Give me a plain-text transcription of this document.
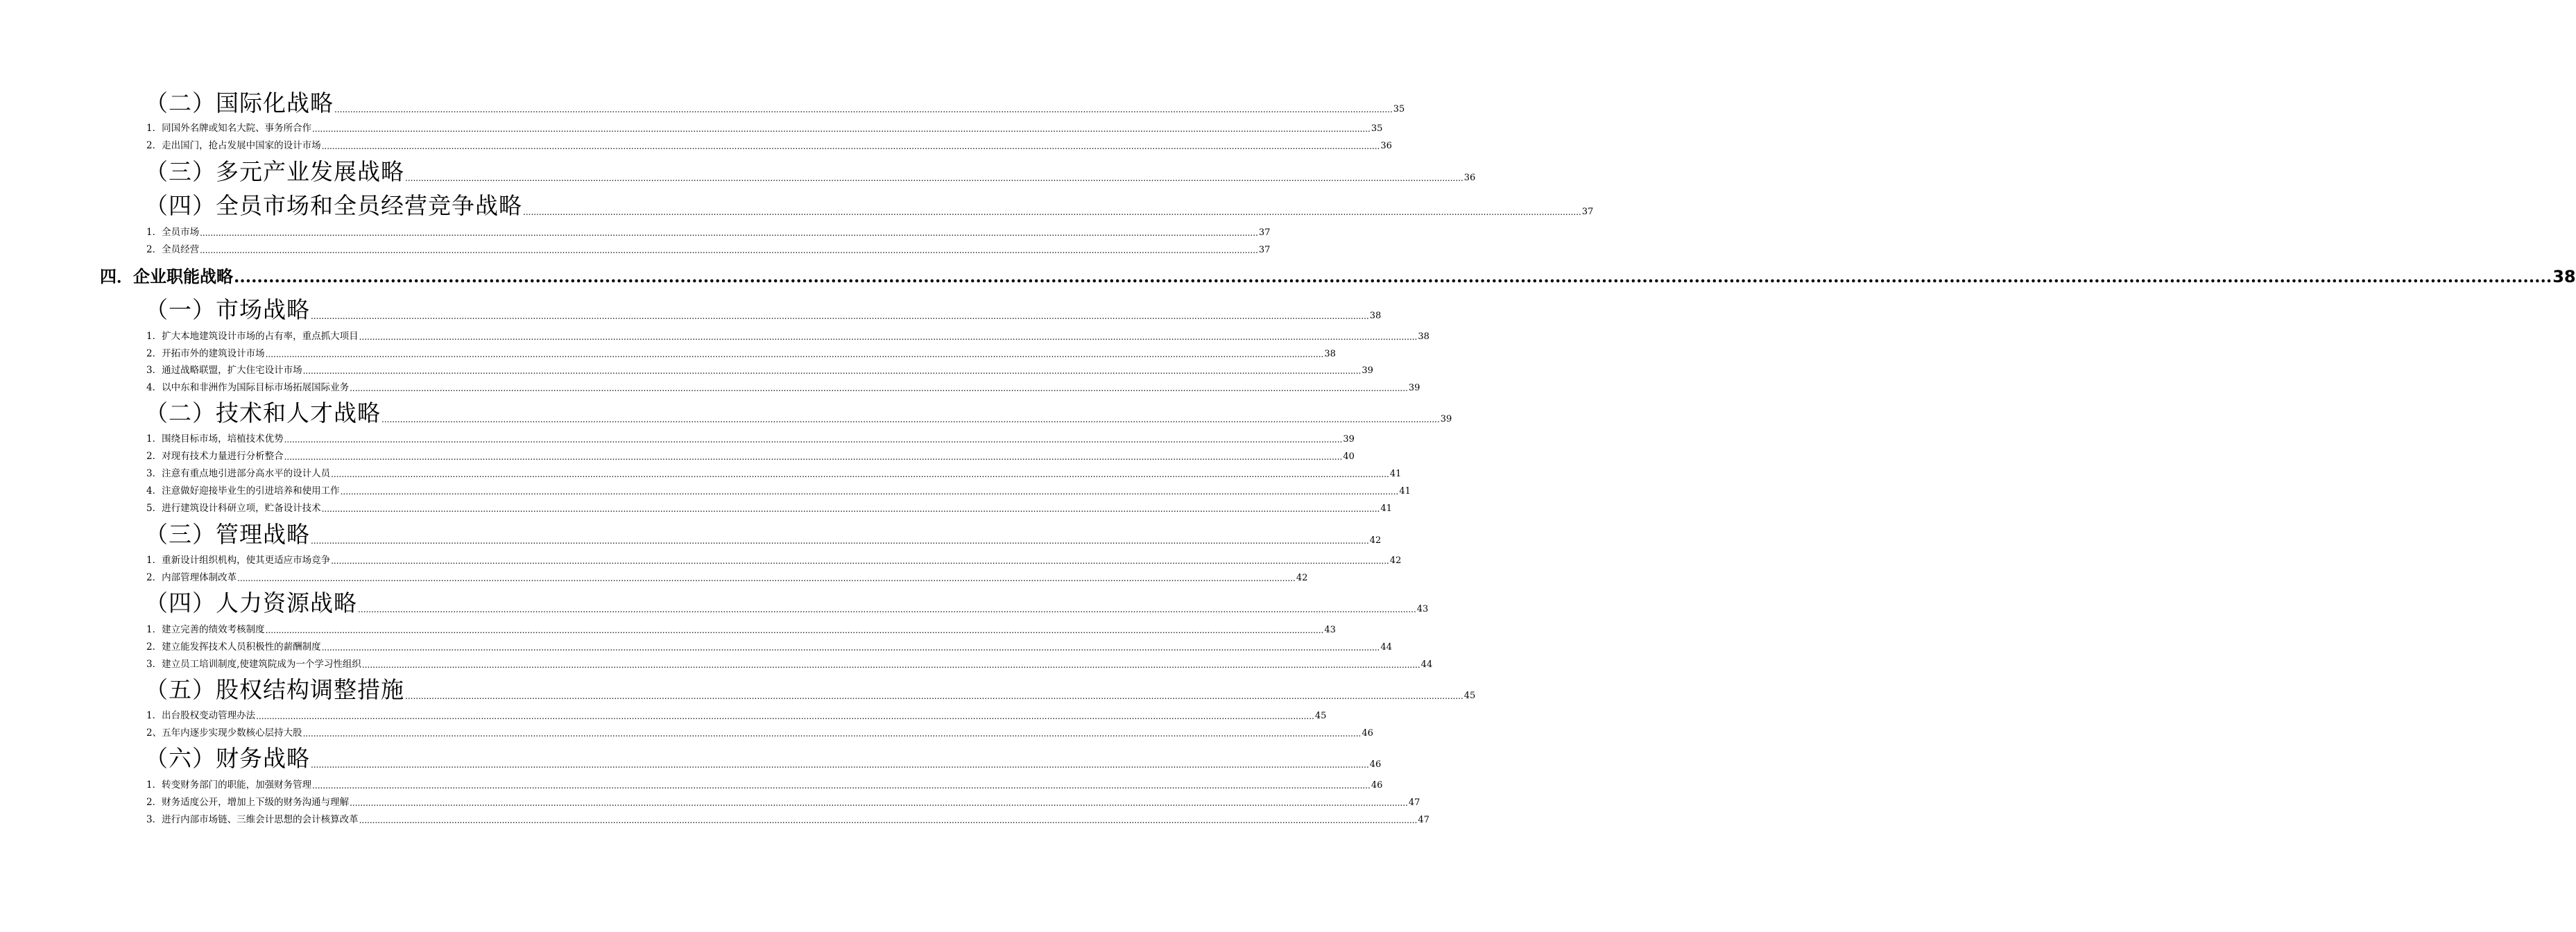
（二）国际化战略 ................................................................................................................................................................................................................................................................................................................................................................................................................ 35
1．同国外名牌或知名大院、事务所合作 ................................................................................................................................................................................................................................................................................................................................................................................................................ 35
2．走出国门，抢占发展中国家的设计市场 ................................................................................................................................................................................................................................................................................................................................................................................................................ 36
（三）多元产业发展战略 ................................................................................................................................................................................................................................................................................................................................................................................................................ 36
（四）全员市场和全员经营竞争战略 ................................................................................................................................................................................................................................................................................................................................................................................................................ 37
1．全员市场 ................................................................................................................................................................................................................................................................................................................................................................................................................ 37
2．全员经营 ................................................................................................................................................................................................................................................................................................................................................................................................................ 37
四．企业职能战略 ................................................................................................................................................................................................................................................................................................................................................................................................................ 38
（一）市场战略 ................................................................................................................................................................................................................................................................................................................................................................................................................ 38
1．扩大本地建筑设计市场的占有率，重点抓大项目 ................................................................................................................................................................................................................................................................................................................................................................................................................ 38
2．开拓市外的建筑设计市场 ................................................................................................................................................................................................................................................................................................................................................................................................................ 38
3．通过战略联盟，扩大住宅设计市场 ................................................................................................................................................................................................................................................................................................................................................................................................................ 39
4．以中东和非洲作为国际目标市场拓展国际业务 ................................................................................................................................................................................................................................................................................................................................................................................................................ 39
（二）技术和人才战略 ................................................................................................................................................................................................................................................................................................................................................................................................................ 39
1．围绕目标市场，培植技术优势 ................................................................................................................................................................................................................................................................................................................................................................................................................ 39
2．对现有技术力量进行分析整合 ................................................................................................................................................................................................................................................................................................................................................................................................................ 40
3．注意有重点地引进部分高水平的设计人员 ................................................................................................................................................................................................................................................................................................................................................................................................................ 41
4．注意做好迎接毕业生的引进培养和使用工作 ................................................................................................................................................................................................................................................................................................................................................................................................................ 41
5．进行建筑设计科研立项，贮备设计技术 ................................................................................................................................................................................................................................................................................................................................................................................................................ 41
（三）管理战略 ................................................................................................................................................................................................................................................................................................................................................................................................................ 42
1．重新设计组织机构，使其更适应市场竞争 ................................................................................................................................................................................................................................................................................................................................................................................................................ 42
2．内部管理体制改革 ................................................................................................................................................................................................................................................................................................................................................................................................................ 42
（四）人力资源战略 ................................................................................................................................................................................................................................................................................................................................................................................................................ 43
1．建立完善的绩效考核制度 ................................................................................................................................................................................................................................................................................................................................................................................................................ 43
2．建立能发挥技术人员积极性的薪酬制度 ................................................................................................................................................................................................................................................................................................................................................................................................................ 44
3．建立员工培训制度,使建筑院成为一个学习性组织 ................................................................................................................................................................................................................................................................................................................................................................................................................ 44
（五）股权结构调整措施 ................................................................................................................................................................................................................................................................................................................................................................................................................ 45
1．出台股权变动管理办法 ................................................................................................................................................................................................................................................................................................................................................................................................................ 45
2、五年内逐步实现少数核心层持大股 ................................................................................................................................................................................................................................................................................................................................................................................................................ 46
（六）财务战略 ................................................................................................................................................................................................................................................................................................................................................................................................................ 46
1．转变财务部门的职能，加强财务管理 ................................................................................................................................................................................................................................................................................................................................................................................................................ 46
2．财务适度公开，增加上下级的财务沟通与理解 ................................................................................................................................................................................................................................................................................................................................................................................................................ 47
3．进行内部市场链、三维会计思想的会计核算改革 ................................................................................................................................................................................................................................................................................................................................................................................................................ 47
